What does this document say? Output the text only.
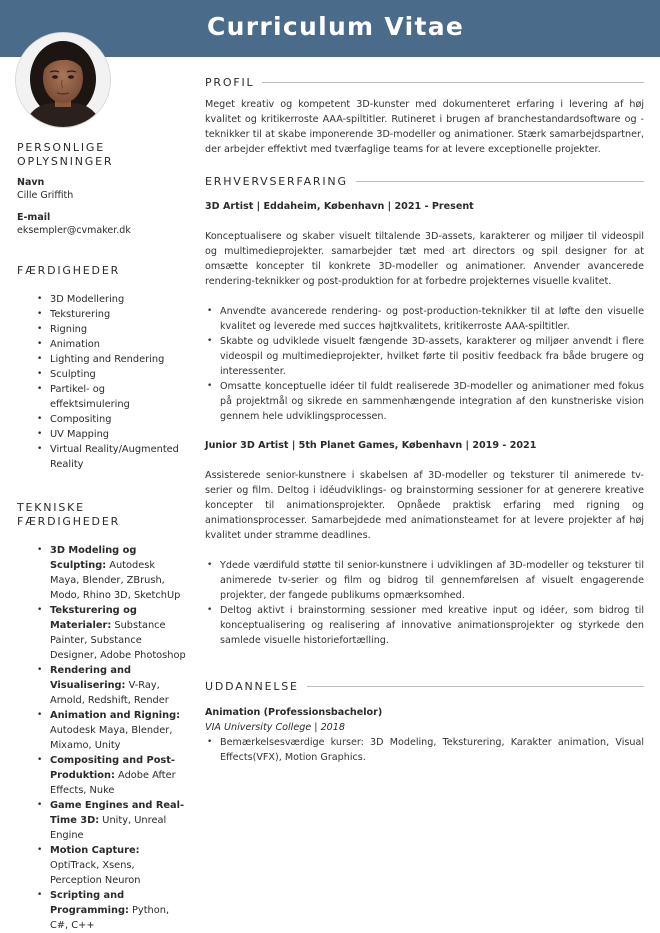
Curriculum Vitae
PERSONLIGE
OPLYSNINGER
Navn
Cille Griffith
E-mail
eksempler@cvmaker.dk
FÆRDIGHEDER
• 3D Modellering
• Teksturering
• Rigning
• Animation
• Lighting and Rendering
• Sculpting
• Partikel- og effektsimulering
• Compositing
• UV Mapping
• Virtual Reality/Augmented Reality
TEKNISKE FÆRDIGHEDER
• 3D Modeling og Sculpting: Autodesk Maya, Blender, ZBrush, Modo, Rhino 3D, SketchUp
• Teksturering og Materialer: Substance Painter, Substance Designer, Adobe Photoshop
• Rendering and Visualisering: V-Ray, Arnold, Redshift, Render
• Animation and Rigning: Autodesk Maya, Blender, Mixamo, Unity
• Compositing and Post-Produktion: Adobe After Effects, Nuke
• Game Engines and Real-Time 3D: Unity, Unreal Engine
• Motion Capture: OptiTrack, Xsens, Perception Neuron
• Scripting and Programming: Python, C#, C++
PROFIL

Meget kreativ og kompetent 3D-kunster med dokumenteret erfaring i levering af høj kvalitet og kritikerroste AAA-spiltitler. Rutineret i brugen af branchestandardsoftware og -teknikker til at skabe imponerende 3D-modeller og animationer. Stærk samarbejdspartner, der arbejder effektivt med tværfaglige teams for at levere exceptionelle projekter.

ERHVERVSERFARING
3D Artist | Eddaheim, København | 2021 - Present

Konceptualisere og skaber visuelt tiltalende 3D-assets, karakterer og miljøer til videospil og multimedieprojekter. samarbejder tæt med art directors og spil designer for at omsætte koncepter til konkrete 3D-modeller og animationer. Anvender avancerede rendering-teknikker og post-produktion for at forbedre projekternes visuelle kvalitet.

• Anvendte avancerede rendering- og post-production-teknikker til at løfte den visuelle kvalitet og leverede med succes højtkvalitets, kritikerroste AAA-spiltitler.
• Skabte og udviklede visuelt fængende 3D-assets, karakterer og miljøer anvendt i flere videospil og multimedieprojekter, hvilket førte til positiv feedback fra både brugere og interessenter.
• Omsatte konceptuelle idéer til fuldt realiserede 3D-modeller og animationer med fokus på projektmål og sikrede en sammenhængende integration af den kunstneriske vision gennem hele udviklingsprocessen.
Junior 3D Artist | 5th Planet Games, København | 2019 - 2021

Assisterede senior-kunstnere i skabelsen af 3D-modeller og teksturer til animerede tv-serier og film. Deltog i idéudviklings- og brainstorming sessioner for at generere kreative koncepter til animationsprojekter. Opnåede praktisk erfaring med rigning og animationsprocesser. Samarbejdede med animationsteamet for at levere projekter af høj kvalitet under stramme deadlines.

• Ydede værdifuld støtte til senior-kunstnere i udviklingen af 3D-modeller og teksturer til animerede tv-serier og film og bidrog til gennemførelsen af visuelt engagerende projekter, der fangede publikums opmærksomhed.
• Deltog aktivt i brainstorming sessioner med kreative input og idéer, som bidrog til konceptualisering og realisering af innovative animationsprojekter og styrkede den samlede visuelle historiefortælling.
UDDANNELSE
Animation (Professionsbachelor)
VIA University College | 2018
• Bemærkelsesværdige kurser: 3D Modeling, Teksturering, Karakter animation, Visual Effects(VFX), Motion Graphics.
